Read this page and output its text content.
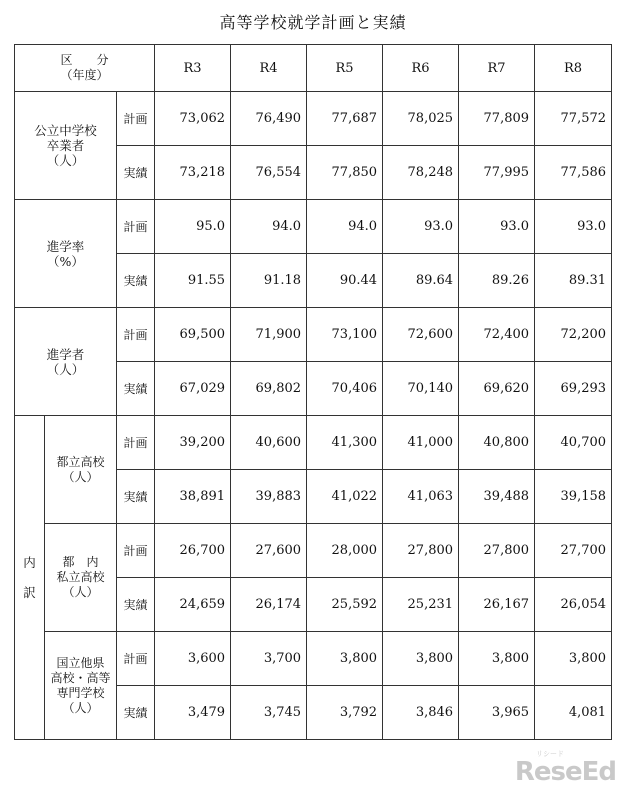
高等学校就学計画と実績
区　　分
（年度）			R3	R4	R5	R6	R7	R8
公立中学校
卒業者
（人）		計画	73,062	76,490	77,687	78,025	77,809	77,572
		実績	73,218	76,554	77,850	78,248	77,995	77,586
進学率
（%）		計画	95.0	94.0	94.0	93.0	93.0	93.0
		実績	91.55	91.18	90.44	89.64	89.26	89.31
進学者
（人）		計画	69,500	71,900	73,100	72,600	72,400	72,200
		実績	67,029	69,802	70,406	70,140	69,620	69,293
内
訳	都立高校
（人）	計画	39,200	40,600	41,300	41,000	40,800	40,700
		実績	38,891	39,883	41,022	41,063	39,488	39,158
	都　内
私立高校
（人）	計画	26,700	27,600	28,000	27,800	27,800	27,700
		実績	24,659	26,174	25,592	25,231	26,167	26,054
	国立他県
高校・高等
専門学校
（人）	計画	3,600	3,700	3,800	3,800	3,800	3,800
		実績	3,479	3,745	3,792	3,846	3,965	4,081
リシード
ReseEd
